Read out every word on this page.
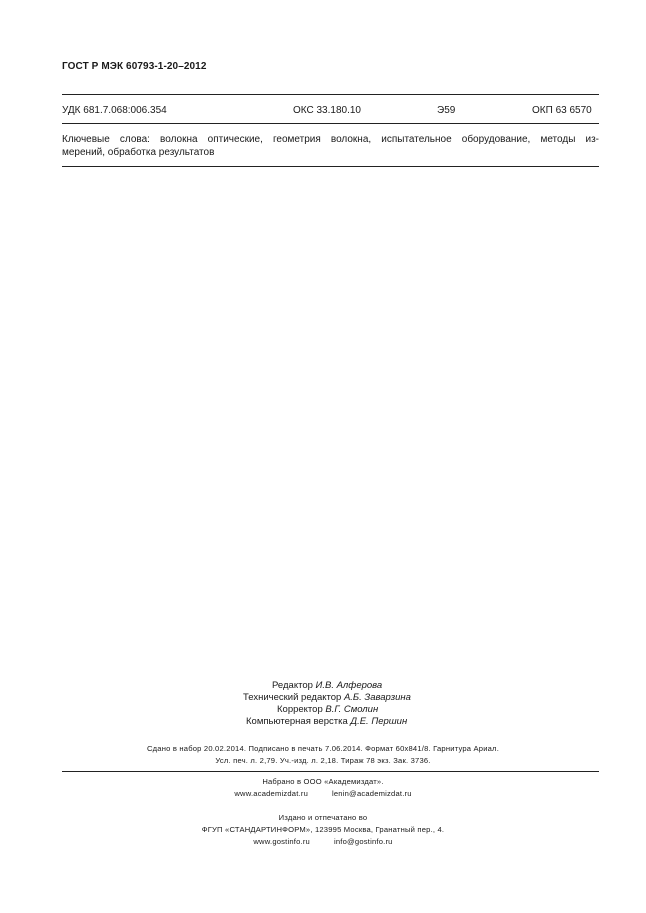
ГОСТ Р МЭК 60793-1-20–2012
УДК 681.7.068:006.354	ОКС 33.180.10	Э59	ОКП 63 6570
Ключевые слова: волокна оптические, геометрия волокна, испытательное оборудование, методы из-
мерений, обработка результатов
Редактор И.В. Алферова
Технический редактор А.Б. Заварзина
Корректор В.Г. Смолин
Компьютерная верстка Д.Е. Першин
Сдано в набор 20.02.2014. Подписано в печать 7.06.2014. Формат 60х841/8. Гарнитура Ариал.
Усл. печ. л. 2,79. Уч.-изд. л. 2,18. Тираж 78 экз. Зак. 3736.
Набрано в ООО «Академиздат».
www.academizdat.ru	lenin@academizdat.ru
Издано и отпечатано во
ФГУП «СТАНДАРТИНФОРМ», 123995 Москва, Гранатный пер., 4.
www.gostinfo.ru	info@gostinfo.ru
